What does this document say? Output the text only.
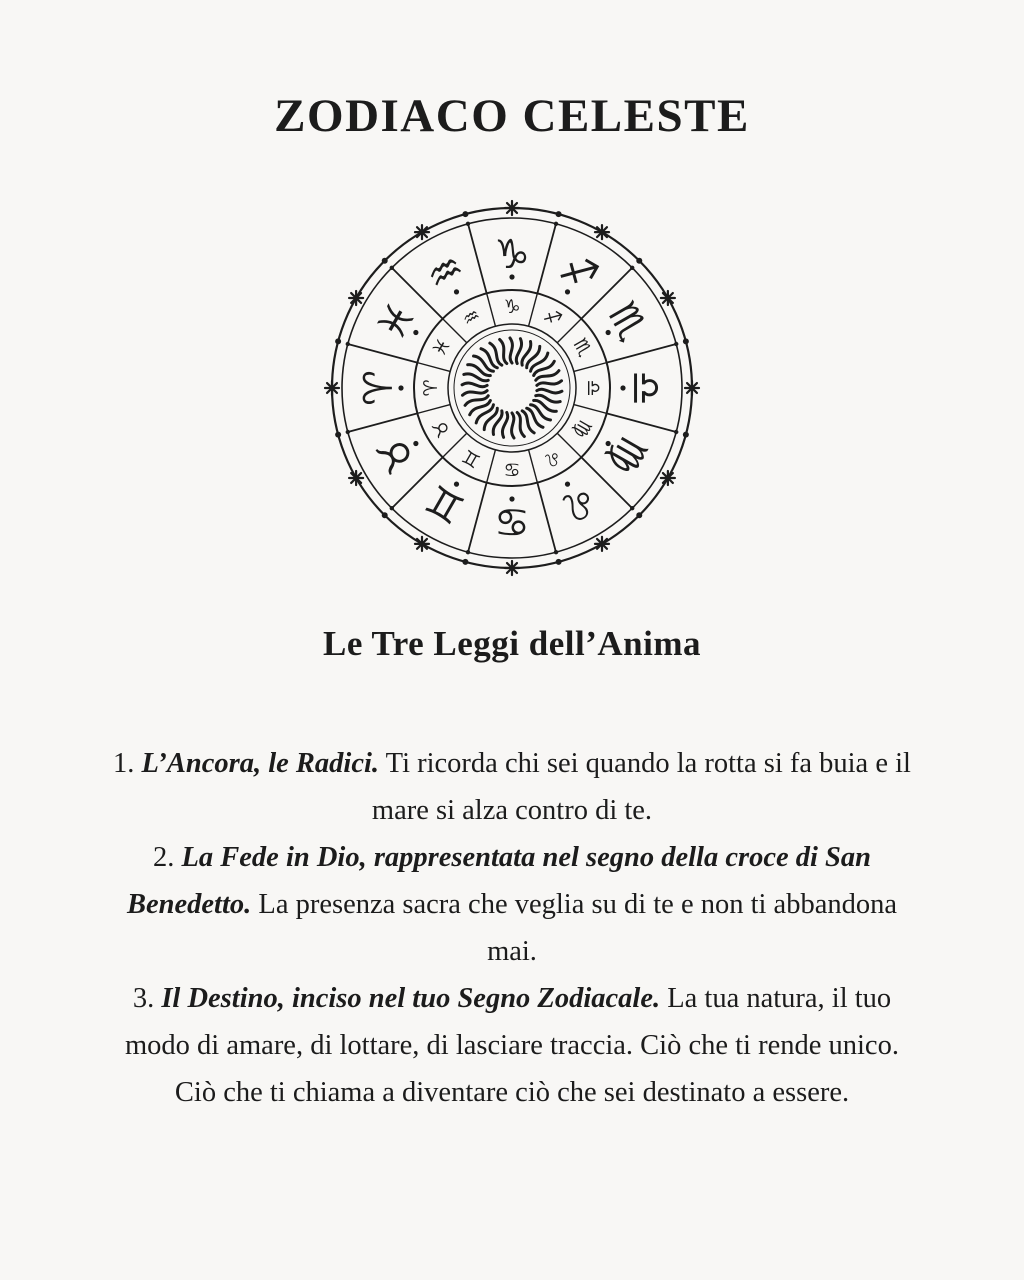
ZODIACO CELESTE
♑
♑
♐
♐ ♏
♏
♎
♎
♍
♍
♌
♌
♋
♋
♊
♊
♉ ♉
♈ ♈
♓ ♓
♒
♒
Le Tre Leggi dell’Anima
1. L’Ancora, le Radici. Ti ricorda chi sei quando la rotta si fa buia e il mare si alza contro di te.
2. La Fede in Dio, rappresentata nel segno della croce di San Benedetto. La presenza sacra che veglia su di te e non ti abbandona mai.
3. Il Destino, inciso nel tuo Segno Zodiacale. La tua natura, il tuo modo di amare, di lottare, di lasciare traccia. Ciò che ti rende unico. Ciò che ti chiama a diventare ciò che sei destinato a essere.
